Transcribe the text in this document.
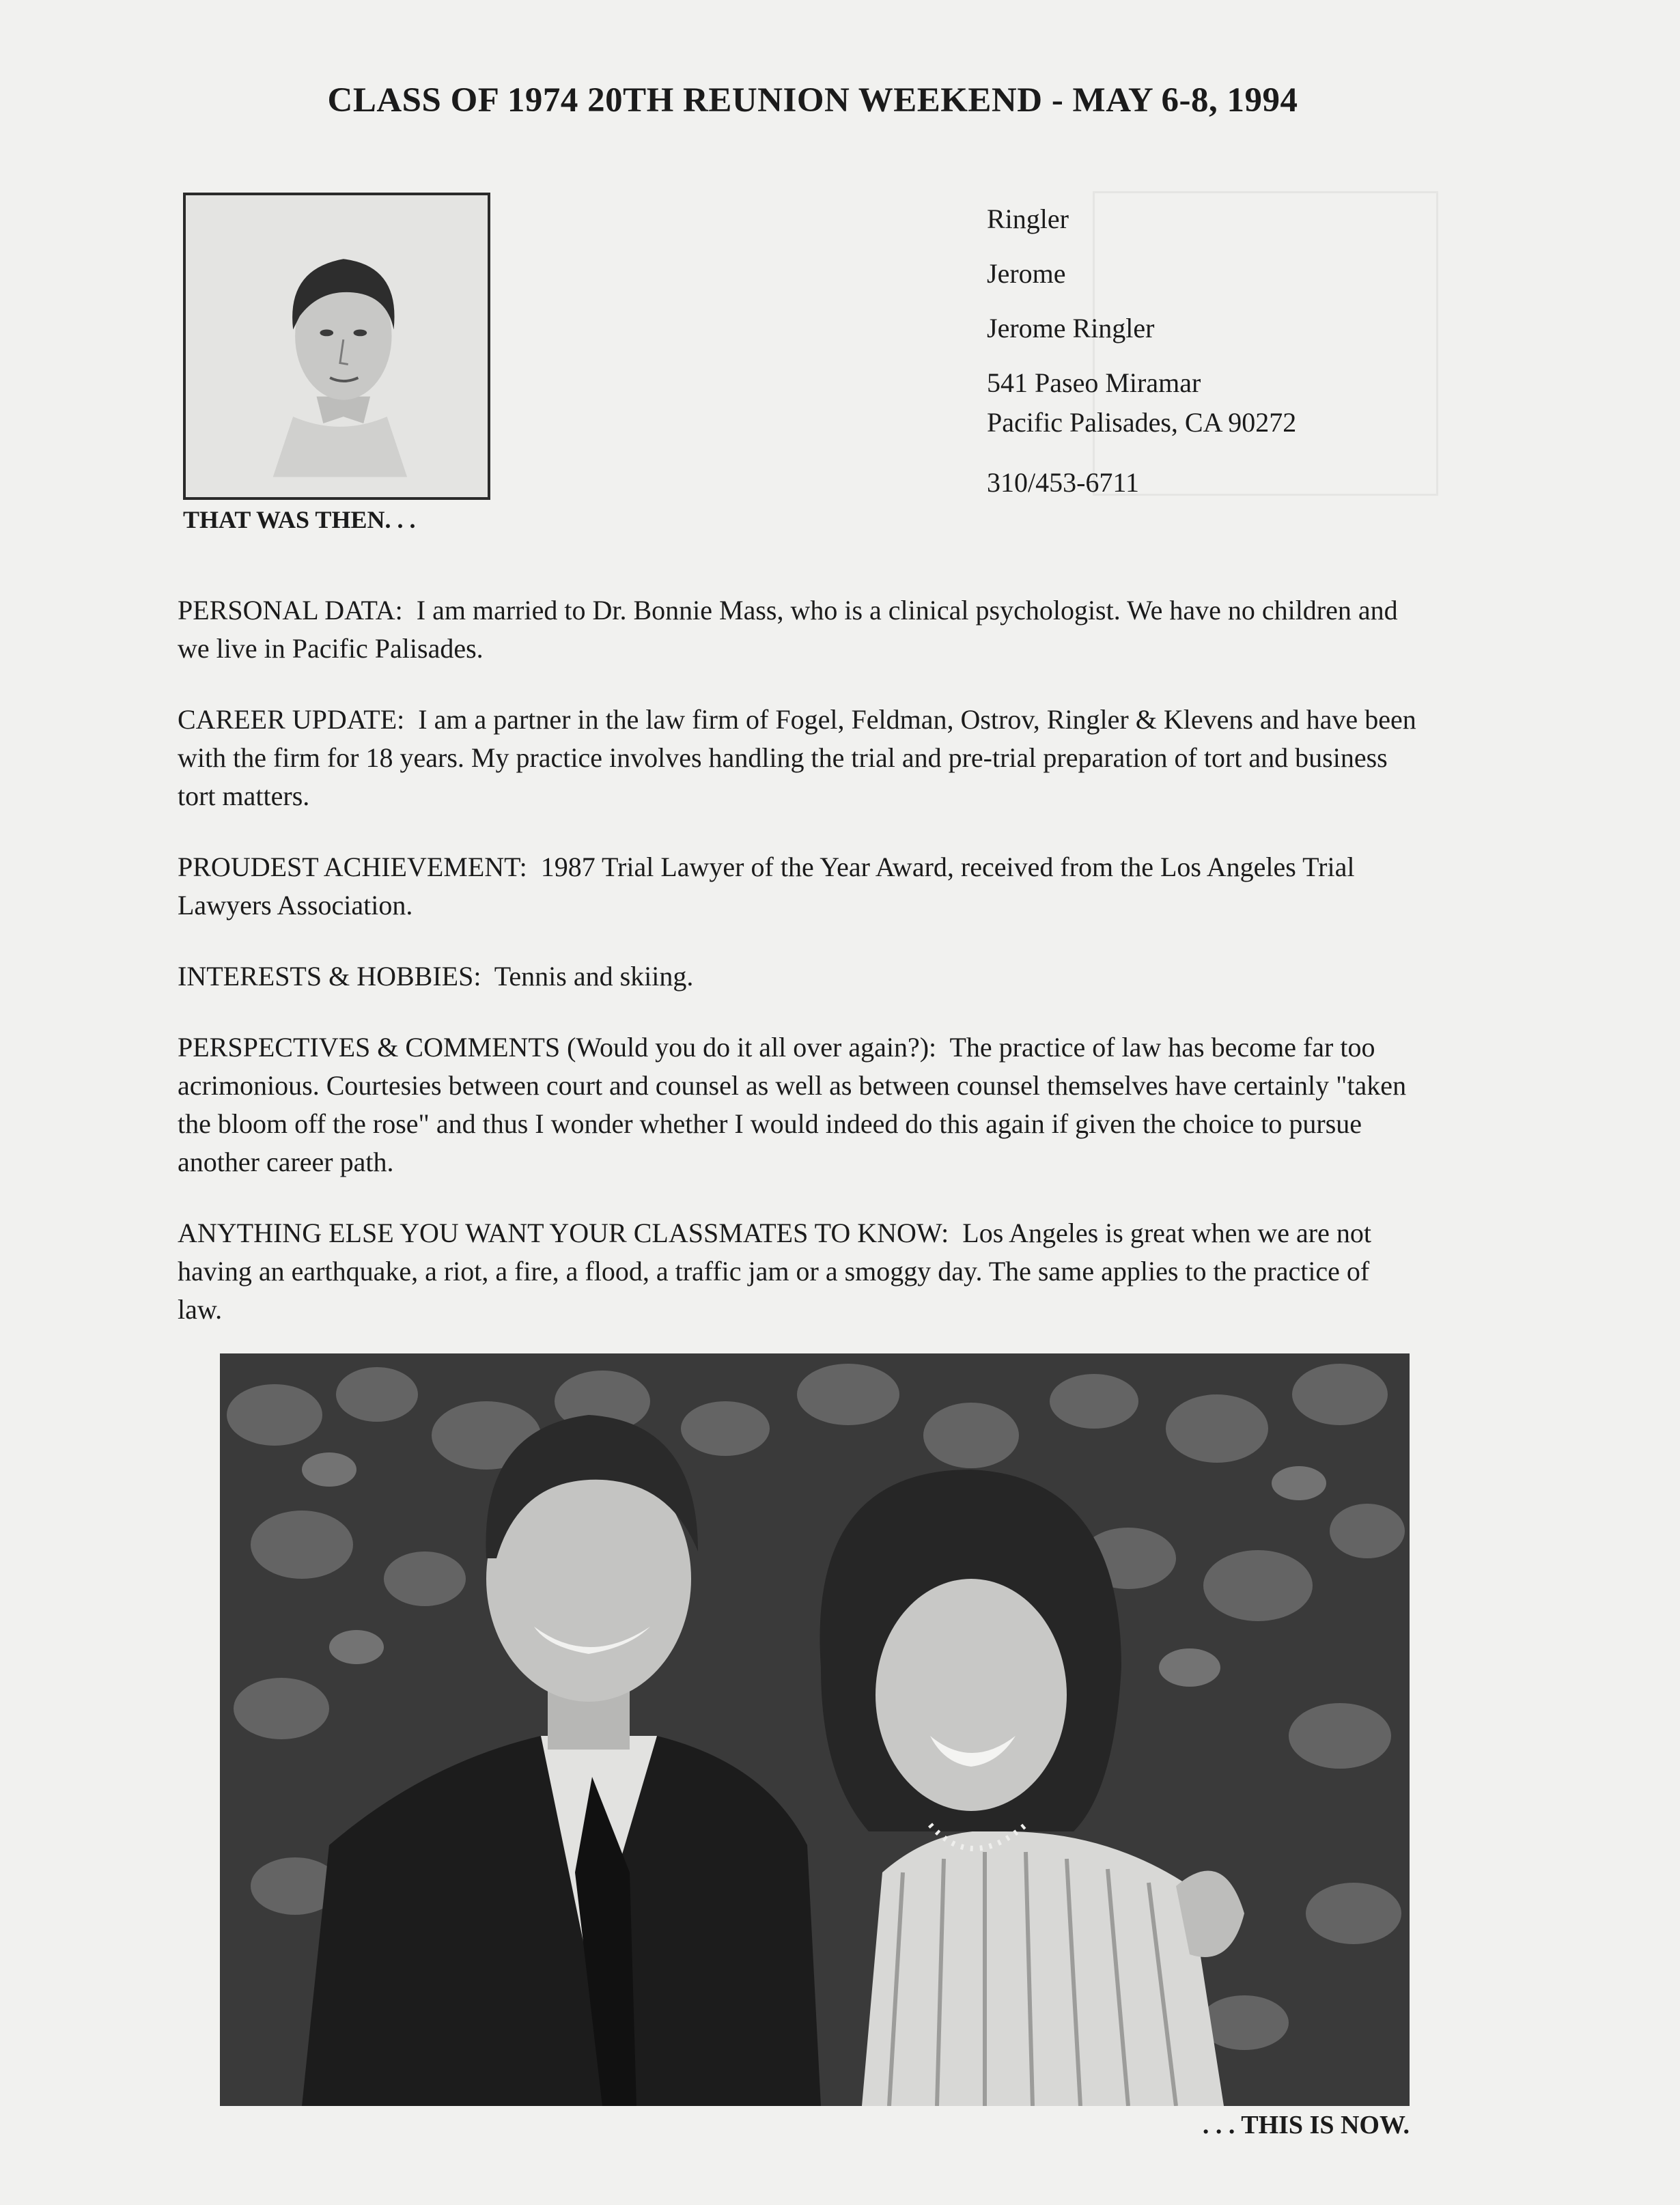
CLASS OF 1974 20TH REUNION WEEKEND - MAY 6-8, 1994
THAT WAS THEN. . .
Ringler
Jerome
Jerome Ringler
541 Paseo Miramar
Pacific Palisades, CA 90272
310/453-6711

PERSONAL DATA: I am married to Dr. Bonnie Mass, who is a clinical psychologist. We have no children and we live in Pacific Palisades.

CAREER UPDATE: I am a partner in the law firm of Fogel, Feldman, Ostrov, Ringler & Klevens and have been with the firm for 18 years. My practice involves handling the trial and pre-trial preparation of tort and business tort matters.

PROUDEST ACHIEVEMENT: 1987 Trial Lawyer of the Year Award, received from the Los Angeles Trial Lawyers Association.

INTERESTS & HOBBIES: Tennis and skiing.

PERSPECTIVES & COMMENTS (Would you do it all over again?): The practice of law has become far too acrimonious. Courtesies between court and counsel as well as between counsel themselves have certainly "taken the bloom off the rose" and thus I wonder whether I would indeed do this again if given the choice to pursue another career path.

ANYTHING ELSE YOU WANT YOUR CLASSMATES TO KNOW: Los Angeles is great when we are not having an earthquake, a riot, a fire, a flood, a traffic jam or a smoggy day. The same applies to the practice of law.

. . . THIS IS NOW.
